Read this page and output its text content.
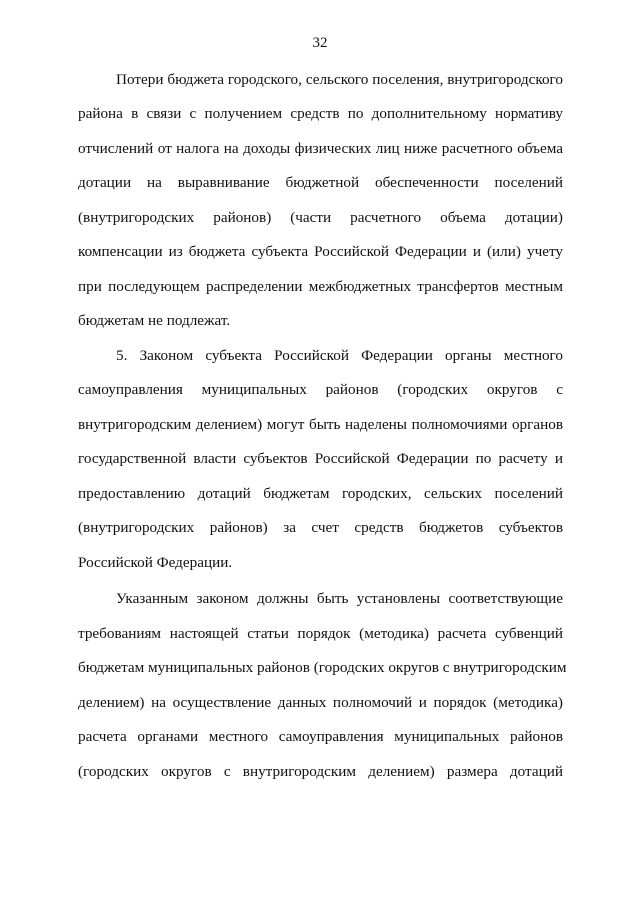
32
Потери бюджета городского, сельского поселения, внутригородского
района в связи с получением средств по дополнительному нормативу
отчислений от налога на доходы физических лиц ниже расчетного объема
дотации на выравнивание бюджетной обеспеченности поселений
(внутригородских районов) (части расчетного объема дотации)
компенсации из бюджета субъекта Российской Федерации и (или) учету
при последующем распределении межбюджетных трансфертов местным
бюджетам не подлежат.
5. Законом субъекта Российской Федерации органы местного
самоуправления муниципальных районов (городских округов с
внутригородским делением) могут быть наделены полномочиями органов
государственной власти субъектов Российской Федерации по расчету и
предоставлению дотаций бюджетам городских, сельских поселений
(внутригородских районов) за счет средств бюджетов субъектов
Российской Федерации.
Указанным законом должны быть установлены соответствующие
требованиям настоящей статьи порядок (методика) расчета субвенций
бюджетам муниципальных районов (городских округов с внутригородским
делением) на осуществление данных полномочий и порядок (методика)
расчета органами местного самоуправления муниципальных районов
(городских округов с внутригородским делением) размера дотаций
